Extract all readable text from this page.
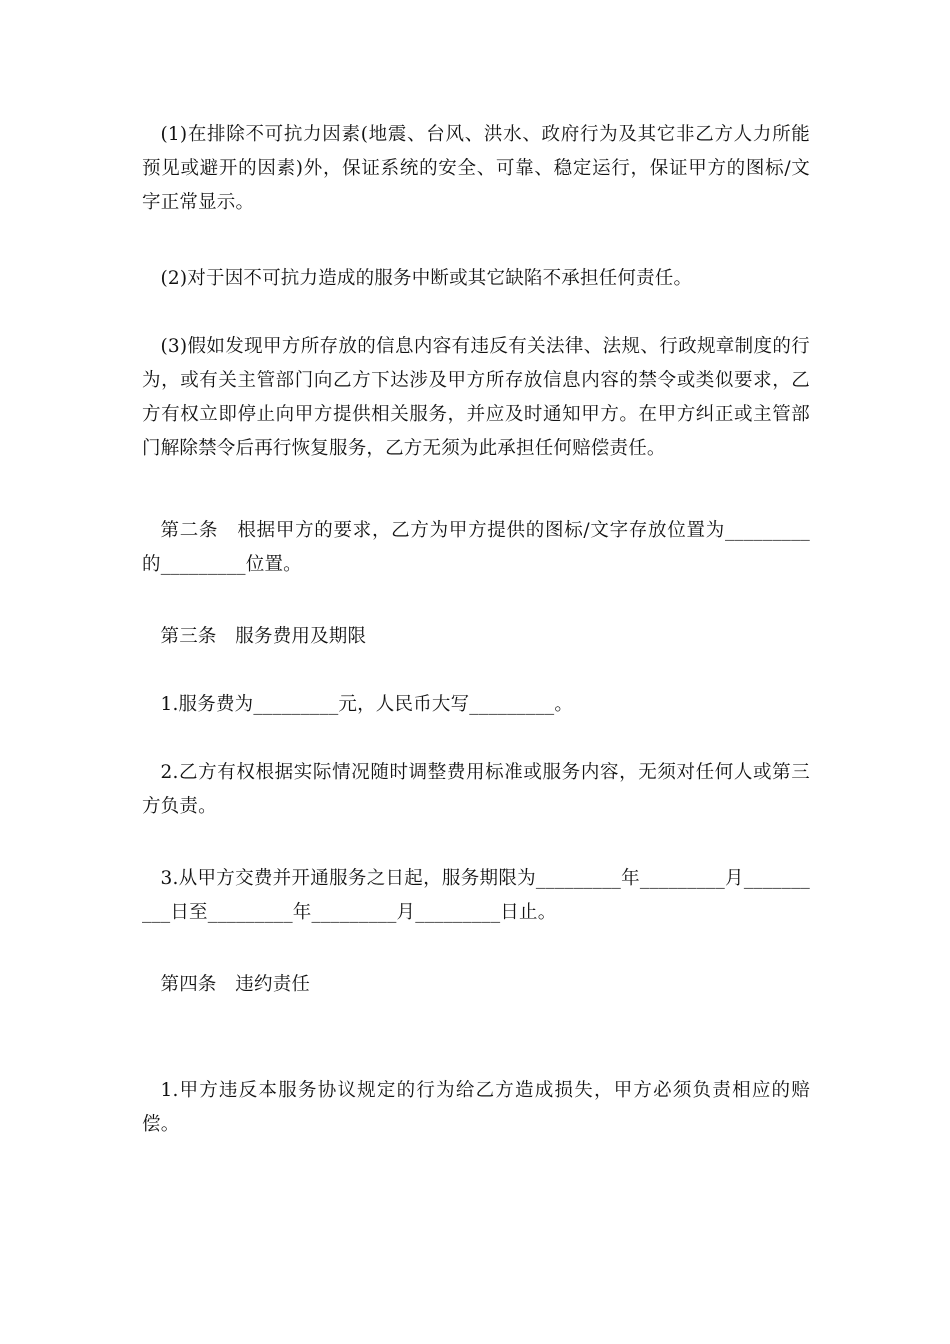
(1)在排除不可抗力因素(地震、台风、洪水、政府行为及其它非乙方人力所能预见或避开的因素)外，保证系统的安全、可靠、稳定运行，保证甲方的图标/文字正常显示。

(2)对于因不可抗力造成的服务中断或其它缺陷不承担任何责任。

(3)假如发现甲方所存放的信息内容有违反有关法律、法规、行政规章制度的行为，或有关主管部门向乙方下达涉及甲方所存放信息内容的禁令或类似要求，乙方有权立即停止向甲方提供相关服务，并应及时通知甲方。在甲方纠正或主管部门解除禁令后再行恢复服务，乙方无须为此承担任何赔偿责任。

第二条　根据甲方的要求，乙方为甲方提供的图标/文字存放位置为_________的_________位置。

第三条　服务费用及期限

1.服务费为_________元，人民币大写_________。

2.乙方有权根据实际情况随时调整费用标准或服务内容，无须对任何人或第三方负责。

3.从甲方交费并开通服务之日起，服务期限为_________年_________月__________日至_________年_________月_________日止。

第四条　违约责任

1.甲方违反本服务协议规定的行为给乙方造成损失，甲方必须负责相应的赔偿。
